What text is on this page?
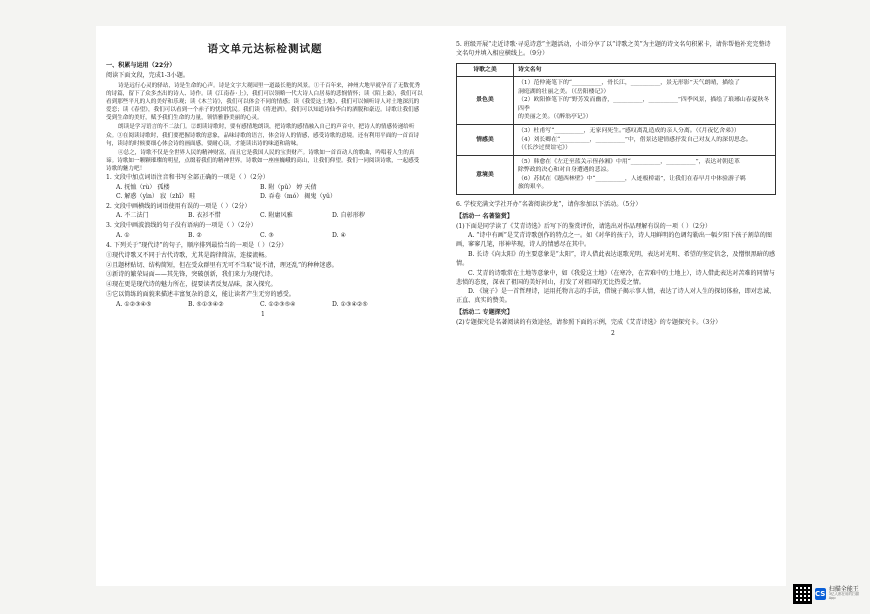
语文单元达标检测试题
一、积累与运用（22分）
阅读下面文段，完成1-3小题。
诗是远行心灵的驿站，诗是生命的心声。诗是文字大观园里一道最长艳的风景。①千百年来，神州大地早就孕育了无数优秀的诗篇，留下了众多杰出的诗人、诗作。读《江南春·上》，我们可以领略一代大诗人白居易的悲悯情怀；读《陌上桑》，我们可以看到那些平凡的人的美好和乐观；读《木兰诗》，我们可以体会不同的情感；读《我爱这土地》，我们可以倾听诗人对土地深沉的爱恋；读《春望》，我们可以看到一个赤子的忧国忧民。我们读《将进酒》，我们可以知道诗仙李白的洒脱和豪迈。诗歌让我们感受到生命的美好，赋予我们生命的力量，领悟雅静美丽的心灵。
朗读是学习语言的不二法门。②朗读诗歌时，要有感情地朗读，把诗歌的感情融入自己的声音中，把诗人的情感传递给听众。③在阅读诗歌时，我们要把握诗歌的意象，品味诗歌的语言，体会诗人的情感，感受诗歌的意境。还有利用平面的一首首诗句，读诗的时候要细心体会诗的画面感，要耐心读，才能读出诗的味道和韵味。
④总之，诗歌不仅是全世界人民的精神财富，而且它是我国人民的宝贵财产。诗歌如一首首动人的歌曲，吟唱着人生的真谛。诗歌如一颗颗璀璨的明星，点缀着我们的精神世界。诗歌如一座座巍峨的高山，让我们仰望。我们一同阅读诗歌，一起感受诗歌的魅力吧！
1. 文段中加点词语注音和书写全部正确的一项是（ ）（2分）
A. 抚恤（rù） 孤楼	B. 附（pǔ） 婷 天倩
C. 解惑（yìn） 寂（zhǐ） 畦	D. 吞卷（mó） 揭鬼（yǔ）
2. 文段中画横线的词语使用有误的一项是（ ）（2分）
A. 不二法门	B. 衣衫不惜	C. 附庸风雅	D. 自彰形秽
3. 文段中画波浪线的句子没有语病的一项是（ ）（2分）
A. ①	B. ②	C. ③	D. ④
4. 下列关于“现代诗”的句子，顺序排列最恰当的一项是（ ）（2分）
①现代诗歌又不同于古代诗歌，尤其是韵律简洁，连接流畅。
②且题材贴切、结构简短，但在受众群里有无可不当取“说不清，理还乱”的种种迷惑。
③新诗的繁荣局面——其先锋，突破创新，我们来力为现代诗。
④现在更是现代诗的魅力所在，提要读者反复品味，深入探究。
⑤它以简练的面貌来描述丰富复杂的意义，能让读者产生无穷的感受。
A. ①②③④⑤	B. ⑤①③④②	C. ①②③⑤④	D. ①③④②⑤
1
5. 班级开展“走近诗歌·寻觅诗意”主题活动，小语分享了以“诗歌之美”为主题的诗文名句积累卡，请你帮他补充完整诗文名句并填入相应横线上。（9分）
诗歌之美	诗文名句
景色美	（1）范仲淹笔下的“__________，骨长江，__________，景无形影”天气朗晴，描绘了
洞庭湖的壮丽之美。（《岳阳楼记》）
（2）欧阳修笔下的“野芳发而幽香，__________，__________”四季风景，描绘了琅琊山春夏秋冬四季
的美丽之美。（《醉翁亭记》）

情感美	（3）杜甫写“__________，无家问死生。”感叹离乱造成的亲人分离。（《月夜忆舍弟》）
（4）刘长卿在“__________，__________”中，借景达建情感抒发自己对友人的深切思念。
（《长沙过贾谊宅》）

意境美	（5）韩愈在《左迁至蓝关示侄孙湘》中用“__________，__________”，表达对朝廷革
除弊政的决心和对自身遭遇的悲凉。
（6）苏轼在《题西林壁》中“__________，人迹板桥霜”，让我们在春早月中体验游子羁
旅的艰辛。
6. 学校充满文学社开办“名著阅读沙龙”，请你参加以下活动。（5分）
【活动一 名著鉴赏】
(1)下面是同学读了《艾青诗选》后写下的鉴赏评价，请选出对作品理解有误的一项（ ）（2分）
A. “诗中有画”是艾青诗歌创作的特点之一。如《对华的孩子》，诗人用鲜明的色调勾勒出一幅夕阳下孩子割草的图画，寥寥几笔，形神毕现，诗人的情感尽在其中。
B. 长诗《向太阳》的主要意象是“太阳”，诗人借此表达讴歌光明，表达对光明、希望的坚定信念，及憎恨黑暗的感情。
C. 艾青的诗歌常在土地等意象中，如《我爱这土地》（在寒冷，在苦难中的土地上），诗人借此表达对苦难的同情与悲愤的态度，深表了祖国的美好河山，打发了对祖国的无比热爱之情。
D. 《镜子》是一首哲理诗，运用托物言志的手法，借镜子揭示事人情，表达了诗人对人生的探切体验，即对忠诚、正直、真实的赞美。
【活动二 专题探究】
(2)专题探究是名著阅读的有效途径，请参照下面的示例，完成《艾青诗选》的专题探究卡。（3分）
2
CS
扫描全能王
3亿人都在用的扫描App
